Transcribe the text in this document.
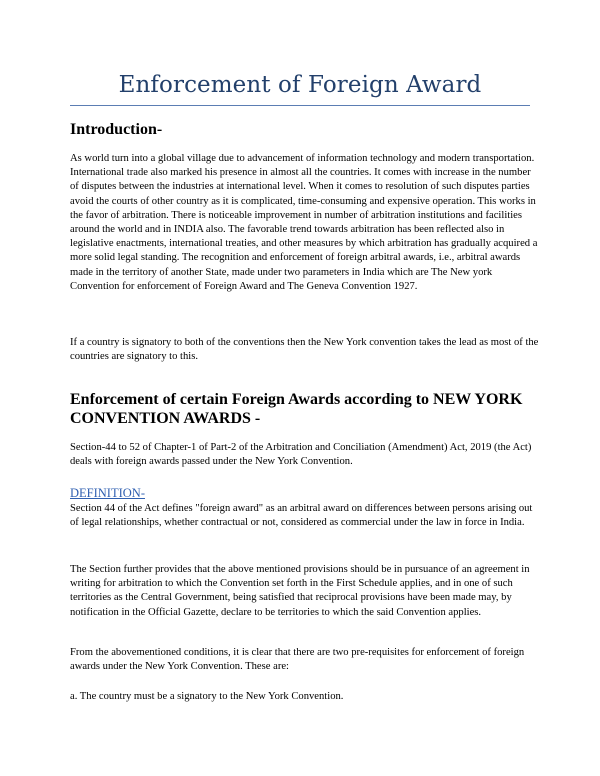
Enforcement of Foreign Award
Introduction-
As world turn into a global village due to advancement of information technology and modern transportation. International trade also marked his presence in almost all the countries. It comes with increase in the number of disputes between the industries at international level. When it comes to resolution of such disputes parties avoid the courts of other country as it is complicated, time-consuming and expensive operation. This works in the favor of arbitration. There is noticeable improvement in number of arbitration institutions and facilities around the world and in INDIA also. The favorable trend towards arbitration has been reflected also in legislative enactments, international treaties, and other measures by which arbitration has gradually acquired a more solid legal standing. The recognition and enforcement of foreign arbitral awards, i.e., arbitral awards made in the territory of another State, made under two parameters in India which are The New york Convention for enforcement of Foreign Award and The Geneva Convention 1927.
If a country is signatory to both of the conventions then the New York convention takes the lead as most of the countries are signatory to this.
Enforcement of certain Foreign Awards according to NEW YORK CONVENTION AWARDS -
Section-44 to 52 of Chapter-1 of Part-2 of the Arbitration and Conciliation (Amendment) Act, 2019 (the Act) deals with foreign awards passed under the New York Convention.
DEFINITION-
Section 44 of the Act defines "foreign award" as an arbitral award on differences between persons arising out of legal relationships, whether contractual or not, considered as commercial under the law in force in India.
The Section further provides that the above mentioned provisions should be in pursuance of an agreement in writing for arbitration to which the Convention set forth in the First Schedule applies, and in one of such territories as the Central Government, being satisfied that reciprocal provisions have been made may, by notification in the Official Gazette, declare to be territories to which the said Convention applies.
From the abovementioned conditions, it is clear that there are two pre-requisites for enforcement of foreign awards under the New York Convention. These are:
a. The country must be a signatory to the New York Convention.
